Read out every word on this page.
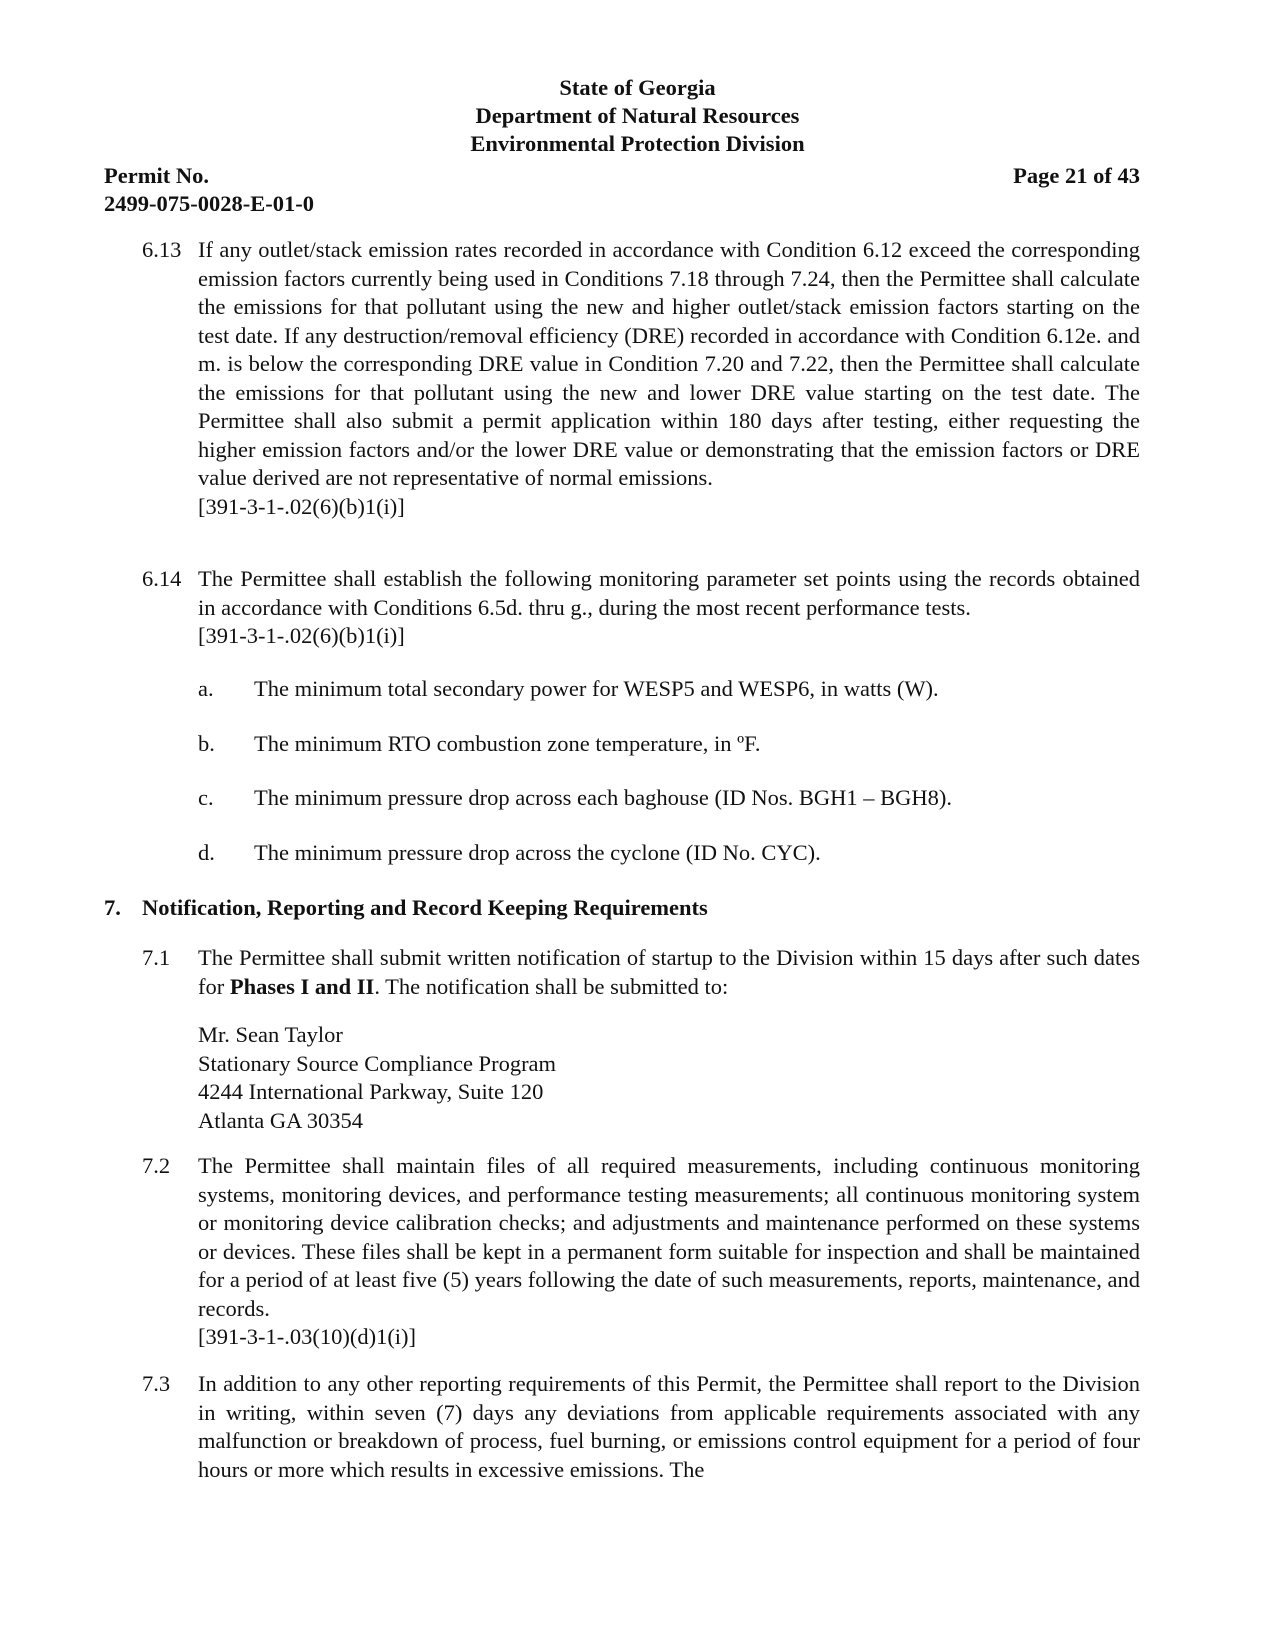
State of Georgia
Department of Natural Resources
Environmental Protection Division
Permit No.
2499-075-0028-E-01-0
Page 21 of 43
6.13 If any outlet/stack emission rates recorded in accordance with Condition 6.12 exceed the corresponding emission factors currently being used in Conditions 7.18 through 7.24, then the Permittee shall calculate the emissions for that pollutant using the new and higher outlet/stack emission factors starting on the test date. If any destruction/removal efficiency (DRE) recorded in accordance with Condition 6.12e. and m. is below the corresponding DRE value in Condition 7.20 and 7.22, then the Permittee shall calculate the emissions for that pollutant using the new and lower DRE value starting on the test date. The Permittee shall also submit a permit application within 180 days after testing, either requesting the higher emission factors and/or the lower DRE value or demonstrating that the emission factors or DRE value derived are not representative of normal emissions.
[391-3-1-.02(6)(b)1(i)]
6.14 The Permittee shall establish the following monitoring parameter set points using the records obtained in accordance with Conditions 6.5d. thru g., during the most recent performance tests.
[391-3-1-.02(6)(b)1(i)]
a. The minimum total secondary power for WESP5 and WESP6, in watts (W).
b. The minimum RTO combustion zone temperature, in ºF.
c. The minimum pressure drop across each baghouse (ID Nos. BGH1 – BGH8).
d. The minimum pressure drop across the cyclone (ID No. CYC).
7. Notification, Reporting and Record Keeping Requirements
7.1 The Permittee shall submit written notification of startup to the Division within 15 days after such dates for Phases I and II. The notification shall be submitted to:
Mr. Sean Taylor
Stationary Source Compliance Program
4244 International Parkway, Suite 120
Atlanta GA 30354
7.2 The Permittee shall maintain files of all required measurements, including continuous monitoring systems, monitoring devices, and performance testing measurements; all continuous monitoring system or monitoring device calibration checks; and adjustments and maintenance performed on these systems or devices. These files shall be kept in a permanent form suitable for inspection and shall be maintained for a period of at least five (5) years following the date of such measurements, reports, maintenance, and records.
[391-3-1-.03(10)(d)1(i)]
7.3 In addition to any other reporting requirements of this Permit, the Permittee shall report to the Division in writing, within seven (7) days any deviations from applicable requirements associated with any malfunction or breakdown of process, fuel burning, or emissions control equipment for a period of four hours or more which results in excessive emissions. The
